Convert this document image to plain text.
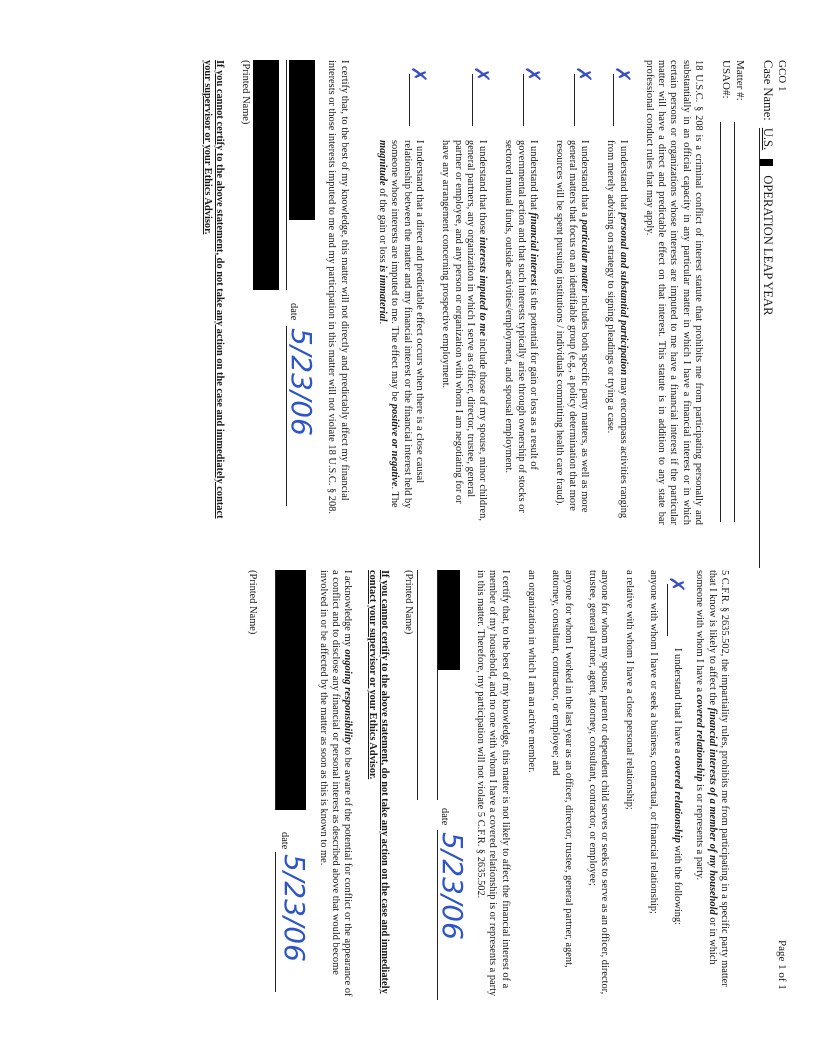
GCO 1
Page 1 of 1
Case Name: U.S.  OPERATION LEAP YEAR
Matter #:
USAO#:

18 U.S.C. § 208 is a criminal conflict of interest statute that prohibits me from participating personally and substantially in an official capacity in any particular matter in which I have a financial interest or in which certain persons or organizations whose interests are imputed to me have a financial interest if the particular matter will have a direct and predictable effect on that interest. This statute is in addition to any state bar professional conduct rules that may apply.

✗
I understand that personal and substantial participation may encompass activities ranging from merely advising on strategy to signing pleadings or trying a case.
✗
I understand that a particular matter includes both specific party matters, as well as more general matters that focus on an identifiable group (e.g., a policy determination that more resources will be spent pursuing institutions / individuals committing health care fraud).
✗
I understand that financial interest is the potential for gain or loss as a result of governmental action and that such interests typically arise through ownership of stocks or sectored mutual funds, outside activities/employment, and spousal employment.
✗
I understand that those interests imputed to me include those of my spouse, minor children, general partners, any organization in which I serve as officer, director, trustee, general partner or employee, and any person or organization with whom I am negotiating for or have any arrangement concerning prospective employment.
✗
I understand that a direct and predictable effect occurs when there is a close causal relationship between the matter and my financial interest or the financial interest held by someone whose interests are imputed to me. The effect may be positive or negative. The magnitude of the gain or loss is immaterial.

I certify that, to the best of my knowledge, this matter will not directly and predictably affect my financial interests or those interests imputed to me and my participation in this matter will not violate 18 U.S.C. § 208.

date
5/23/06
(Printed Name)

If you cannot certify to the above statement, do not take any action on the case and immediately contact your supervisor or your Ethics Advisor.

5 C.F.R. § 2635.502, the impartiality rules, prohibits me from participating in a specific party matter that I know is likely to affect the financial interests of a member of my household or in which someone with whom I have a covered relationship is or represents a party.

✗
I understand that I have a covered relationship with the following:

anyone with whom I have or seek a business, contractual, or financial relationship;

a relative with whom I have a close personal relationship;

anyone for whom my spouse, parent or dependent child serves or seeks to serve as an officer, director, trustee, general partner, agent, attorney, consultant, contractor, or employee;

anyone for whom I worked in the last year as an officer, director, trustee, general partner, agent, attorney, consultant, contractor, or employee; and

an organization in which I am an active member.

I certify that, to the best of my knowledge, this matter is not likely to affect the financial interest of a member of my household, and no one with whom I have a covered relationship is or represents a party in this matter. Therefore, my participation will not violate 5 C.F.R. § 2635.502.

date
5/23/06
(Printed Name)

If you cannot certify to the above statement, do not take any action on the case and immediately contact your supervisor or your Ethics Advisor.

I acknowledge my ongoing responsibility to be aware of the potential for conflict or the appearance of a conflict and to disclose any financial or personal interest as described above that would become involved in or be affected by the matter as soon as this is known to me.

date
5/23/06
(Printed Name)
